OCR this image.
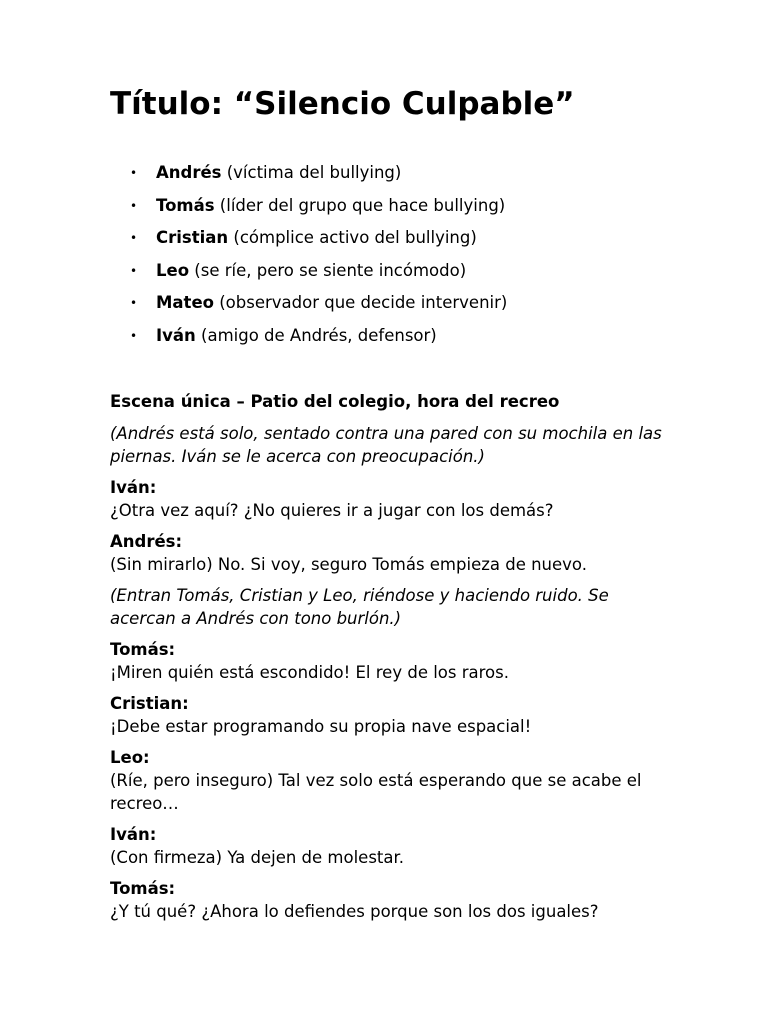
Título: “Silencio Culpable”
• Andrés (víctima del bullying)
• Tomás (líder del grupo que hace bullying)
• Cristian (cómplice activo del bullying)
• Leo (se ríe, pero se siente incómodo)
• Mateo (observador que decide intervenir)
• Iván (amigo de Andrés, defensor)

Escena única – Patio del colegio, hora del recreo

(Andrés está solo, sentado contra una pared con su mochila en las piernas. Iván se le acerca con preocupación.)

Iván:
¿Otra vez aquí? ¿No quieres ir a jugar con los demás?

Andrés:
(Sin mirarlo) No. Si voy, seguro Tomás empieza de nuevo.

(Entran Tomás, Cristian y Leo, riéndose y haciendo ruido. Se acercan a Andrés con tono burlón.)

Tomás:
¡Miren quién está escondido! El rey de los raros.

Cristian:
¡Debe estar programando su propia nave espacial!

Leo:
(Ríe, pero inseguro) Tal vez solo está esperando que se acabe el recreo…

Iván:
(Con firmeza) Ya dejen de molestar.

Tomás:
¿Y tú qué? ¿Ahora lo defiendes porque son los dos iguales?
